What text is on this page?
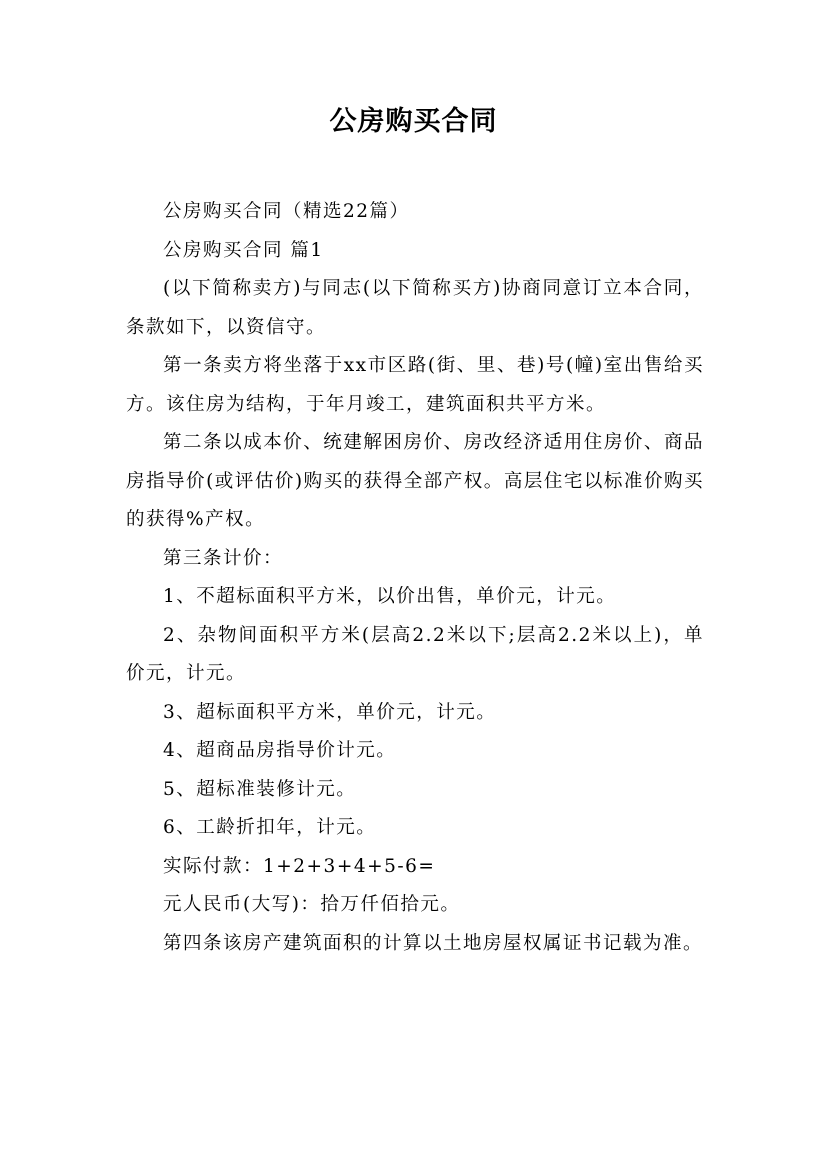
公房购买合同

公房购买合同（精选22篇）

公房购买合同 篇1

(以下简称卖方)与同志(以下简称买方)协商同意订立本合同，条款如下，以资信守。

第一条卖方将坐落于xx市区路(街、里、巷)号(幢)室出售给买方。该住房为结构，于年月竣工，建筑面积共平方米。

第二条以成本价、统建解困房价、房改经济适用住房价、商品房指导价(或评估价)购买的获得全部产权。高层住宅以标准价购买的获得%产权。

第三条计价：

1、不超标面积平方米，以价出售，单价元，计元。

2、杂物间面积平方米(层高2.2米以下;层高2.2米以上)，单价元，计元。

3、超标面积平方米，单价元，计元。

4、超商品房指导价计元。

5、超标准装修计元。

6、工龄折扣年，计元。

实际付款：1+2+3+4+5-6=

元人民币(大写)：拾万仟佰拾元。

第四条该房产建筑面积的计算以土地房屋权属证书记载为准。
